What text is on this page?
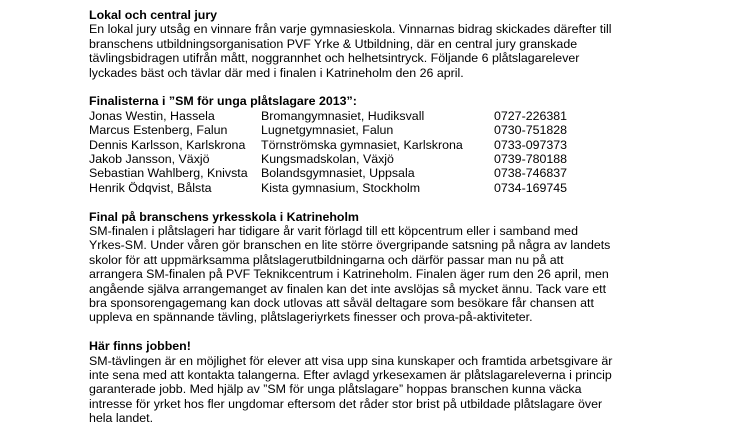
Lokal och central jury

En lokal jury utsåg en vinnare från varje gymnasieskola. Vinnarnas bidrag skickades därefter till

branschens utbildningsorganisation PVF Yrke & Utbildning, där en central jury granskade

tävlingsbidragen utifrån mått, noggrannhet och helhetsintryck. Följande 6 plåtslagarelever

lyckades bäst och tävlar där med i finalen i Katrineholm den 26 april.

Finalisterna i ”SM för unga plåtslagare 2013”:

Jonas Westin, Hassela	Bromangymnasiet, Hudiksvall	0727-226381
Marcus Estenberg, Falun	Lugnetgymnasiet, Falun	0730-751828
Dennis Karlsson, Karlskrona	Törnströmska gymnasiet, Karlskrona	0733-097373
Jakob Jansson, Växjö	Kungsmadskolan, Växjö	0739-780188
Sebastian Wahlberg, Knivsta	Bolandsgymnasiet, Uppsala	0738-746837
Henrik Ödqvist, Bålsta	Kista gymnasium, Stockholm	0734-169745

Final på branschens yrkesskola i Katrineholm

SM-finalen i plåtslageri har tidigare år varit förlagd till ett köpcentrum eller i samband med

Yrkes-SM. Under våren gör branschen en lite större övergripande satsning på några av landets

skolor för att uppmärksamma plåtslagerutbildningarna och därför passar man nu på att

arrangera SM-finalen på PVF Teknikcentrum i Katrineholm. Finalen äger rum den 26 april, men

angående själva arrangemanget av finalen kan det inte avslöjas så mycket ännu. Tack vare ett

bra sponsorengagemang kan dock utlovas att såväl deltagare som besökare får chansen att

uppleva en spännande tävling, plåtslageriyrkets finesser och prova-på-aktiviteter.

Här finns jobben!

SM-tävlingen är en möjlighet för elever att visa upp sina kunskaper och framtida arbetsgivare är

inte sena med att kontakta talangerna. Efter avlagd yrkesexamen är plåtslagareleverna i princip

garanterade jobb. Med hjälp av ”SM för unga plåtslagare” hoppas branschen kunna väcka

intresse för yrket hos fler ungdomar eftersom det råder stor brist på utbildade plåtslagare över

hela landet.
